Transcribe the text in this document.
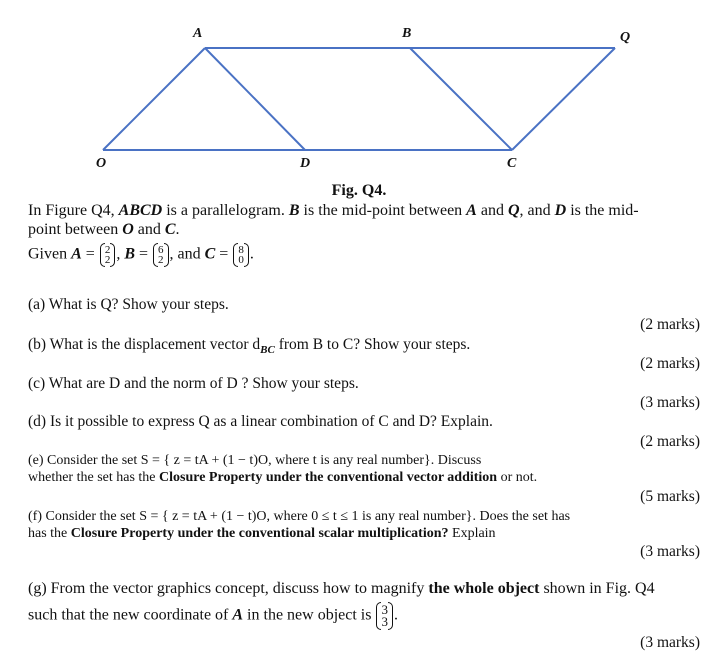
A	B	Q
O	D	C
Fig. Q4.
In Figure Q4, ABCD is a parallelogram. B is the mid-point between A and Q, and D is the mid-
point between O and C.
Given A = 2
2 , B = 6
2 , and C = 8
0 .
(a) What is Q? Show your steps.
(2 marks)
(b) What is the displacement vector $d_{BC}$ from B to C? Show your steps.
(2 marks)
(c) What are D and the norm of D ? Show your steps.
(3 marks)
(d) Is it possible to express Q as a linear combination of C and D? Explain.
(2 marks)
(e) Consider the set S = { z = tA + (1 − t)O, where t is any real number}. Discuss
whether the set has the Closure Property under the conventional vector addition or not.
(5 marks)
(f) Consider the set S = { z = tA + (1 − t)O, where 0 ≤ t ≤ 1 is any real number}. Does the set has
has the Closure Property under the conventional scalar multiplication? Explain
(3 marks)
(g) From the vector graphics concept, discuss how to magnify the whole object shown in Fig. Q4
such that the new coordinate of A in the new object is 3
3 .
(3 marks)
